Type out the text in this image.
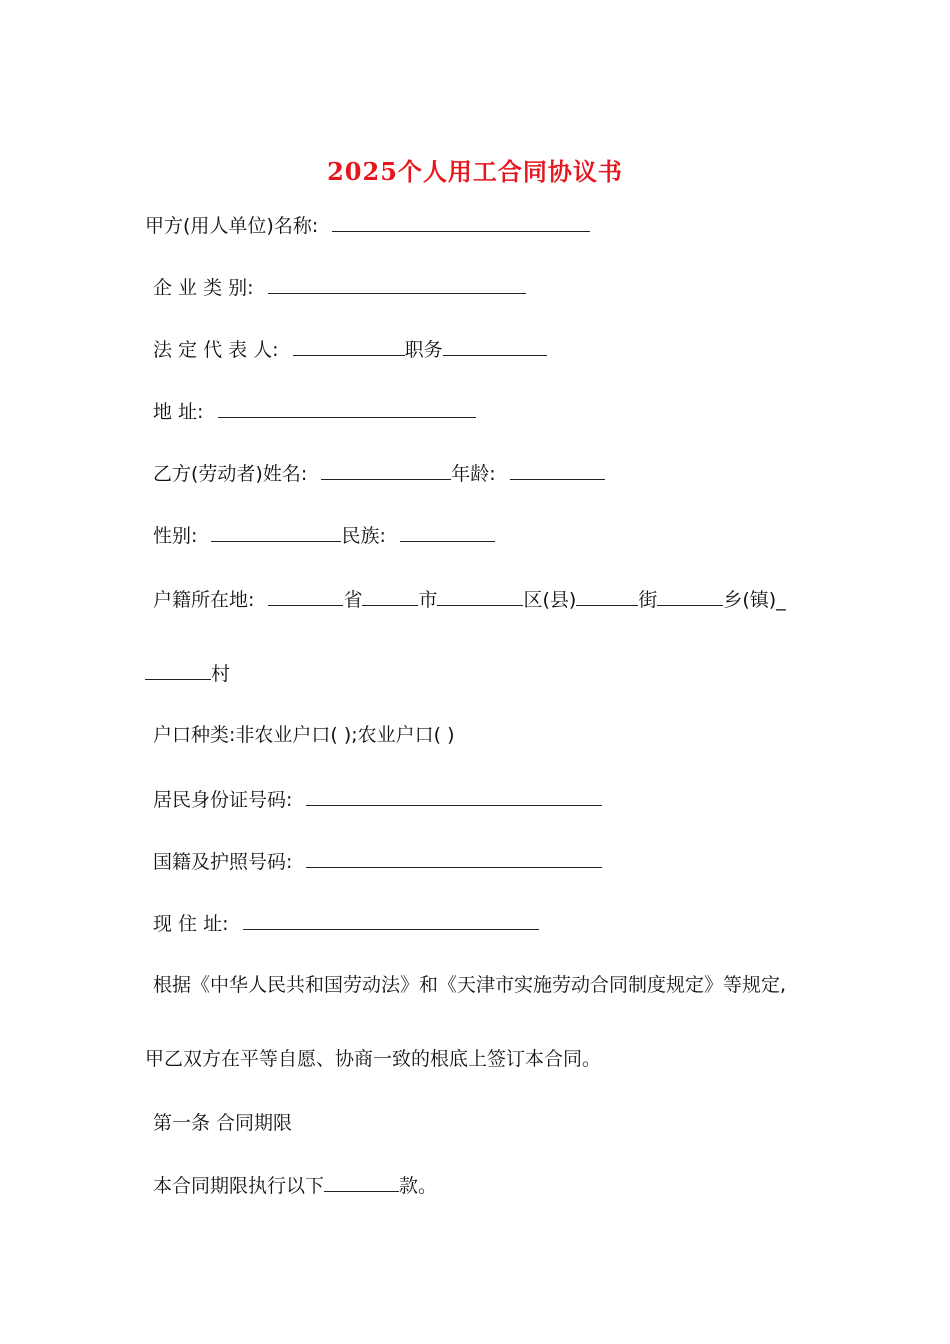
2025个人用工合同协议书
甲方(用人单位)名称:
企 业 类 别:
法 定 代 表 人:	职务
地 址:
乙方(劳动者)姓名:	年龄:
性别:	民族:
户籍所在地:	省	市	区(县)	街	乡(镇)_
村
户口种类:非农业户口( );农业户口( )
居民身份证号码:
国籍及护照号码:
现 住 址:
根据《中华人民共和国劳动法》和《天津市实施劳动合同制度规定》等规定,
甲乙双方在平等自愿、协商一致的根底上签订本合同。
第一条 合同期限
本合同期限执行以下	款。
